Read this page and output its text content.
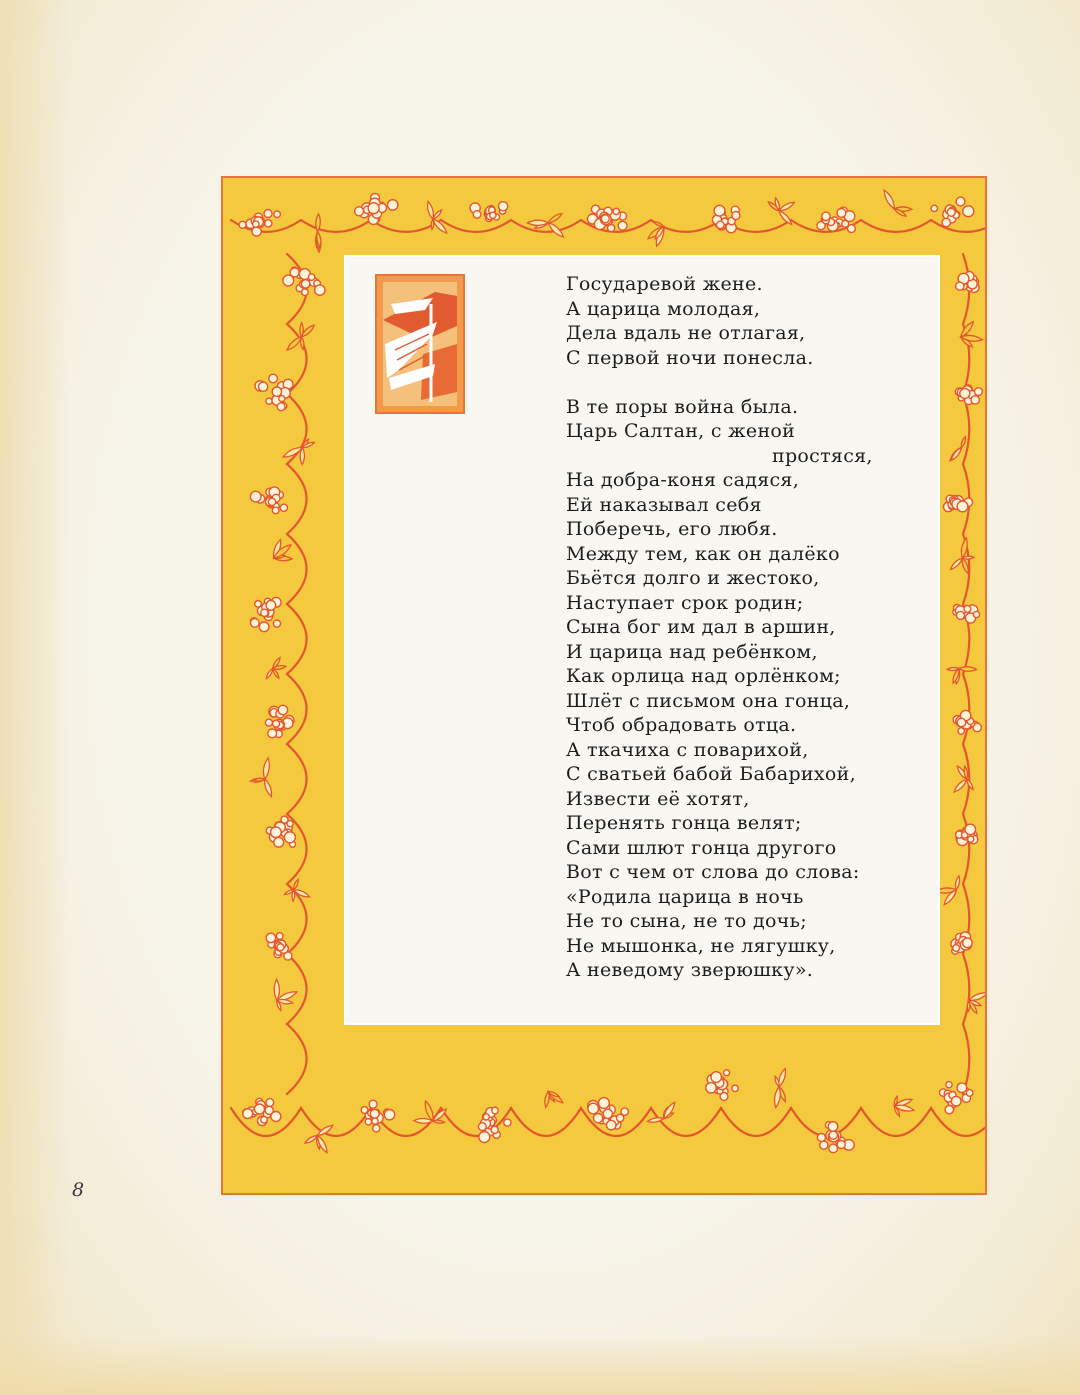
Государевой жене.
А царица молодая,
Дела вдаль не отлагая,
С первой ночи понесла.
В те поры война была.
Царь Салтан, с женой
простяся,
На добра-коня садяся,
Ей наказывал себя
Поберечь, его любя.
Между тем, как он далёко
Бьётся долго и жестоко,
Наступает срок родин;
Сына бог им дал в аршин,
И царица над ребёнком,
Как орлица над орлёнком;
Шлёт с письмом она гонца,
Чтоб обрадовать отца.
А ткачиха с поварихой,
С сватьей бабой Бабарихой,
Извести её хотят,
Перенять гонца велят;
Сами шлют гонца другого
Вот с чем от слова до слова:
«Родила царица в ночь
Не то сына, не то дочь;
Не мышонка, не лягушку,
А неведому зверюшку».
8
